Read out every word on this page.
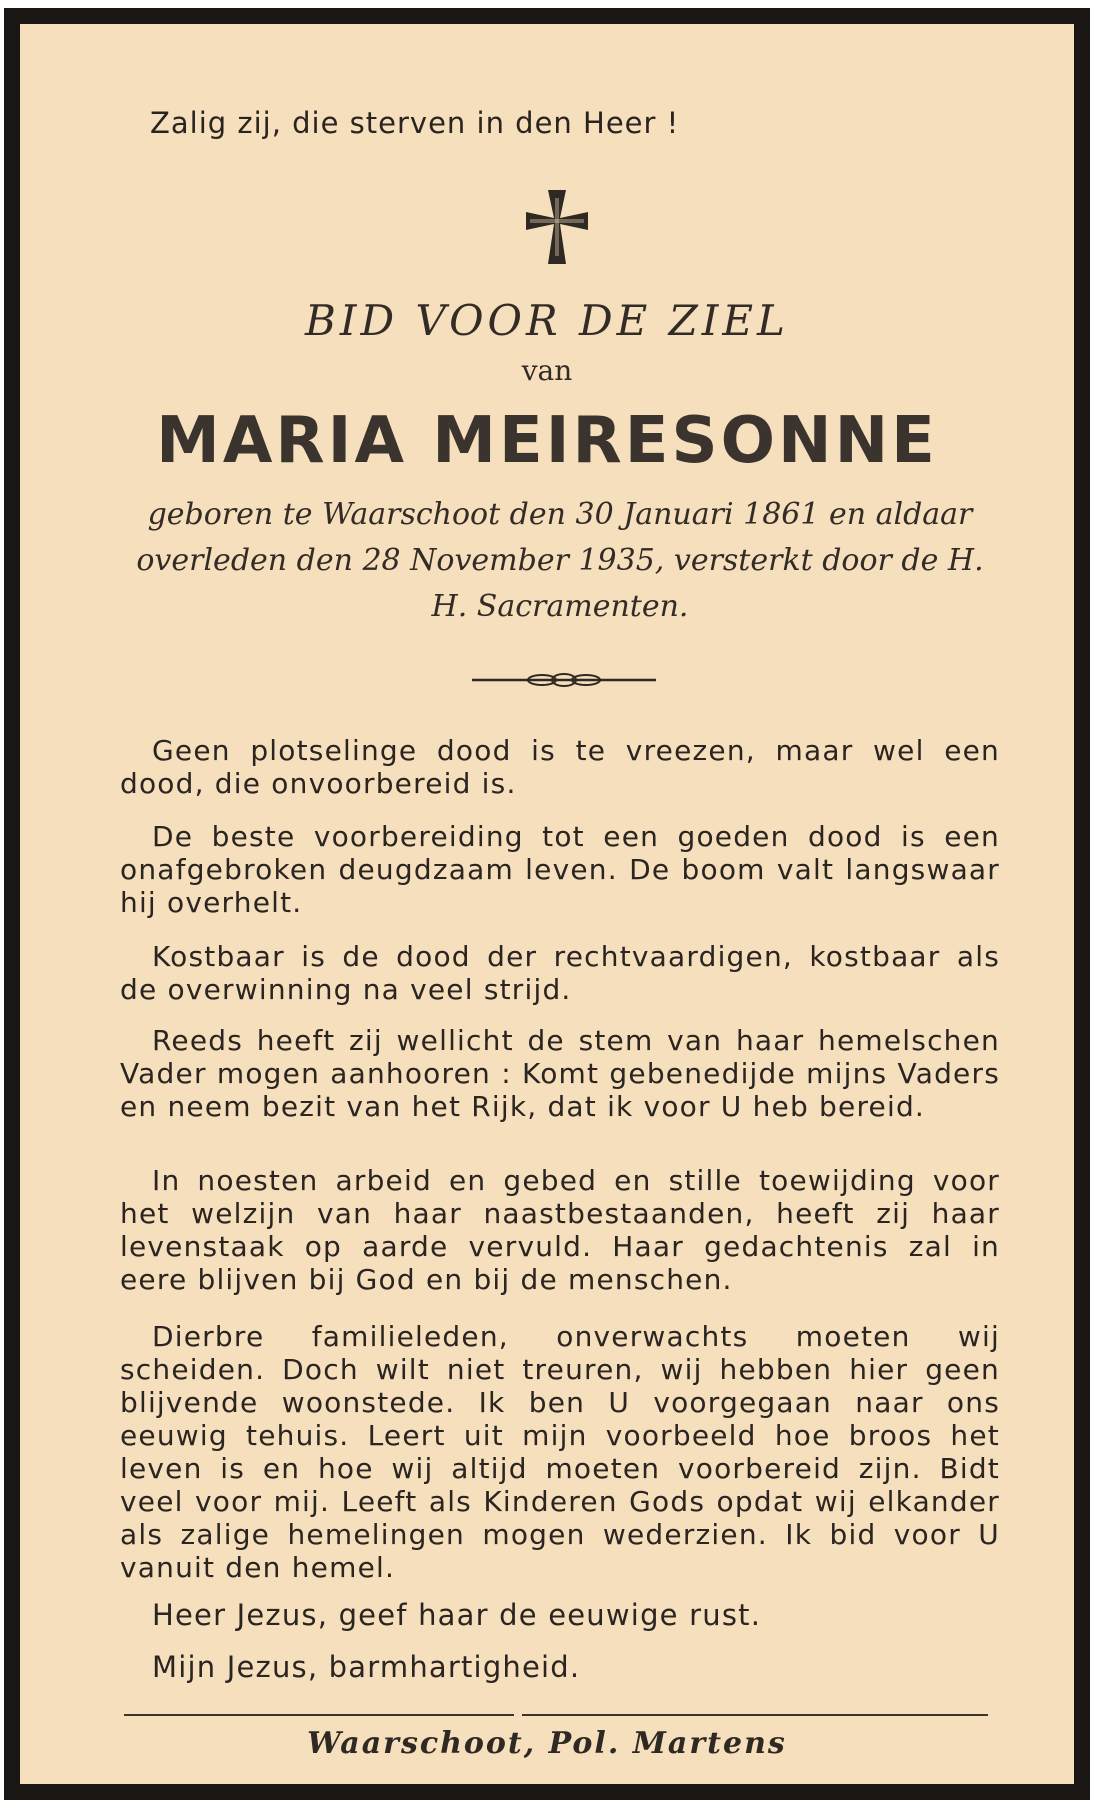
Zalig zij, die sterven in den Heer !
BID VOOR DE ZIEL
van
MARIA MEIRESONNE
geboren te Waarschoot den 30 Januari 1861 en aldaar overleden den 28 November 1935, versterkt door de H. H. Sacramenten.
Geen plotselinge dood is te vreezen, maar wel een dood, die onvoorbereid is.
De beste voorbereiding tot een goeden dood is een onafgebroken deugdzaam leven. De boom valt langswaar hij overhelt.
Kostbaar is de dood der rechtvaardigen, kostbaar als de overwinning na veel strijd.
Reeds heeft zij wellicht de stem van haar hemelschen Vader mogen aanhooren : Komt gebenedijde mijns Vaders en neem bezit van het Rijk, dat ik voor U heb bereid.
In noesten arbeid en gebed en stille toewijding voor het welzijn van haar naastbestaanden, heeft zij haar levenstaak op aarde vervuld. Haar gedachtenis zal in eere blijven bij God en bij de menschen.
Dierbre familieleden, onverwachts moeten wij scheiden. Doch wilt niet treuren, wij hebben hier geen blijvende woonstede. Ik ben U voorgegaan naar ons eeuwig tehuis. Leert uit mijn voorbeeld hoe broos het leven is en hoe wij altijd moeten voorbereid zijn. Bidt veel voor mij. Leeft als Kinderen Gods opdat wij elkander als zalige hemelingen mogen wederzien. Ik bid voor U vanuit den hemel.
Heer Jezus, geef haar de eeuwige rust.
Mijn Jezus, barmhartigheid.
Waarschoot, Pol. Martens
